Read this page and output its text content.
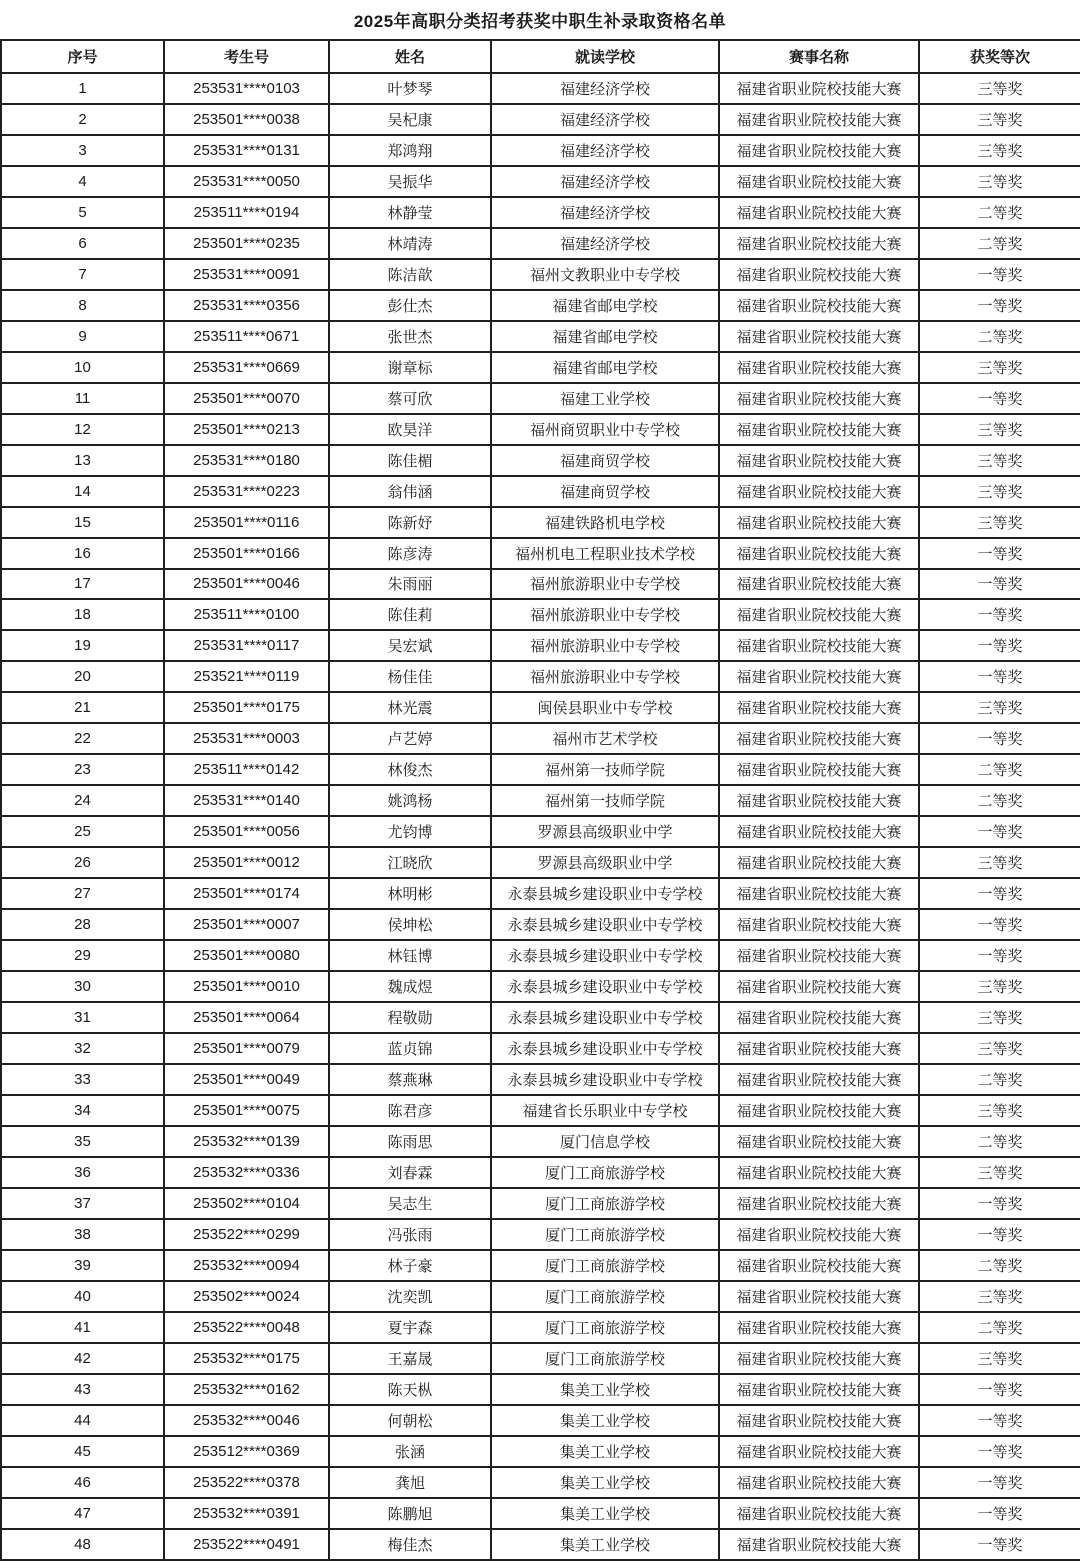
2025年高职分类招考获奖中职生补录取资格名单
序号	考生号	姓名	就读学校	赛事名称	获奖等次
1	253531****0103	叶梦琴	福建经济学校	福建省职业院校技能大赛	三等奖
2	253501****0038	吴杞康	福建经济学校	福建省职业院校技能大赛	三等奖
3	253531****0131	郑鸿翔	福建经济学校	福建省职业院校技能大赛	三等奖
4	253531****0050	吴振华	福建经济学校	福建省职业院校技能大赛	三等奖
5	253511****0194	林静莹	福建经济学校	福建省职业院校技能大赛	二等奖
6	253501****0235	林靖涛	福建经济学校	福建省职业院校技能大赛	二等奖
7	253531****0091	陈洁歆	福州文教职业中专学校	福建省职业院校技能大赛	一等奖
8	253531****0356	彭仕杰	福建省邮电学校	福建省职业院校技能大赛	一等奖
9	253511****0671	张世杰	福建省邮电学校	福建省职业院校技能大赛	二等奖
10	253531****0669	谢章标	福建省邮电学校	福建省职业院校技能大赛	三等奖
11	253501****0070	蔡可欣	福建工业学校	福建省职业院校技能大赛	一等奖
12	253501****0213	欧昊洋	福州商贸职业中专学校	福建省职业院校技能大赛	三等奖
13	253531****0180	陈佳楣	福建商贸学校	福建省职业院校技能大赛	三等奖
14	253531****0223	翁伟涵	福建商贸学校	福建省职业院校技能大赛	三等奖
15	253501****0116	陈新妤	福建铁路机电学校	福建省职业院校技能大赛	三等奖
16	253501****0166	陈彦涛	福州机电工程职业技术学校	福建省职业院校技能大赛	一等奖
17	253501****0046	朱雨丽	福州旅游职业中专学校	福建省职业院校技能大赛	一等奖
18	253511****0100	陈佳莉	福州旅游职业中专学校	福建省职业院校技能大赛	一等奖
19	253531****0117	吴宏斌	福州旅游职业中专学校	福建省职业院校技能大赛	一等奖
20	253521****0119	杨佳佳	福州旅游职业中专学校	福建省职业院校技能大赛	一等奖
21	253501****0175	林光震	闽侯县职业中专学校	福建省职业院校技能大赛	三等奖
22	253531****0003	卢艺婷	福州市艺术学校	福建省职业院校技能大赛	一等奖
23	253511****0142	林俊杰	福州第一技师学院	福建省职业院校技能大赛	二等奖
24	253531****0140	姚鸿杨	福州第一技师学院	福建省职业院校技能大赛	二等奖
25	253501****0056	尤钧博	罗源县高级职业中学	福建省职业院校技能大赛	一等奖
26	253501****0012	江晓欣	罗源县高级职业中学	福建省职业院校技能大赛	三等奖
27	253501****0174	林明彬	永泰县城乡建设职业中专学校	福建省职业院校技能大赛	一等奖
28	253501****0007	侯坤松	永泰县城乡建设职业中专学校	福建省职业院校技能大赛	一等奖
29	253501****0080	林钰博	永泰县城乡建设职业中专学校	福建省职业院校技能大赛	一等奖
30	253501****0010	魏成煜	永泰县城乡建设职业中专学校	福建省职业院校技能大赛	三等奖
31	253501****0064	程敬勋	永泰县城乡建设职业中专学校	福建省职业院校技能大赛	三等奖
32	253501****0079	蓝贞锦	永泰县城乡建设职业中专学校	福建省职业院校技能大赛	三等奖
33	253501****0049	蔡燕琳	永泰县城乡建设职业中专学校	福建省职业院校技能大赛	二等奖
34	253501****0075	陈君彦	福建省长乐职业中专学校	福建省职业院校技能大赛	三等奖
35	253532****0139	陈雨思	厦门信息学校	福建省职业院校技能大赛	二等奖
36	253532****0336	刘春霖	厦门工商旅游学校	福建省职业院校技能大赛	三等奖
37	253502****0104	吴志生	厦门工商旅游学校	福建省职业院校技能大赛	一等奖
38	253522****0299	冯张雨	厦门工商旅游学校	福建省职业院校技能大赛	一等奖
39	253532****0094	林子豪	厦门工商旅游学校	福建省职业院校技能大赛	二等奖
40	253502****0024	沈奕凯	厦门工商旅游学校	福建省职业院校技能大赛	三等奖
41	253522****0048	夏宇森	厦门工商旅游学校	福建省职业院校技能大赛	二等奖
42	253532****0175	王嘉晟	厦门工商旅游学校	福建省职业院校技能大赛	三等奖
43	253532****0162	陈天枞	集美工业学校	福建省职业院校技能大赛	一等奖
44	253532****0046	何朝松	集美工业学校	福建省职业院校技能大赛	一等奖
45	253512****0369	张涵	集美工业学校	福建省职业院校技能大赛	一等奖
46	253522****0378	龚旭	集美工业学校	福建省职业院校技能大赛	一等奖
47	253532****0391	陈鹏旭	集美工业学校	福建省职业院校技能大赛	一等奖
48	253522****0491	梅佳杰	集美工业学校	福建省职业院校技能大赛	一等奖
